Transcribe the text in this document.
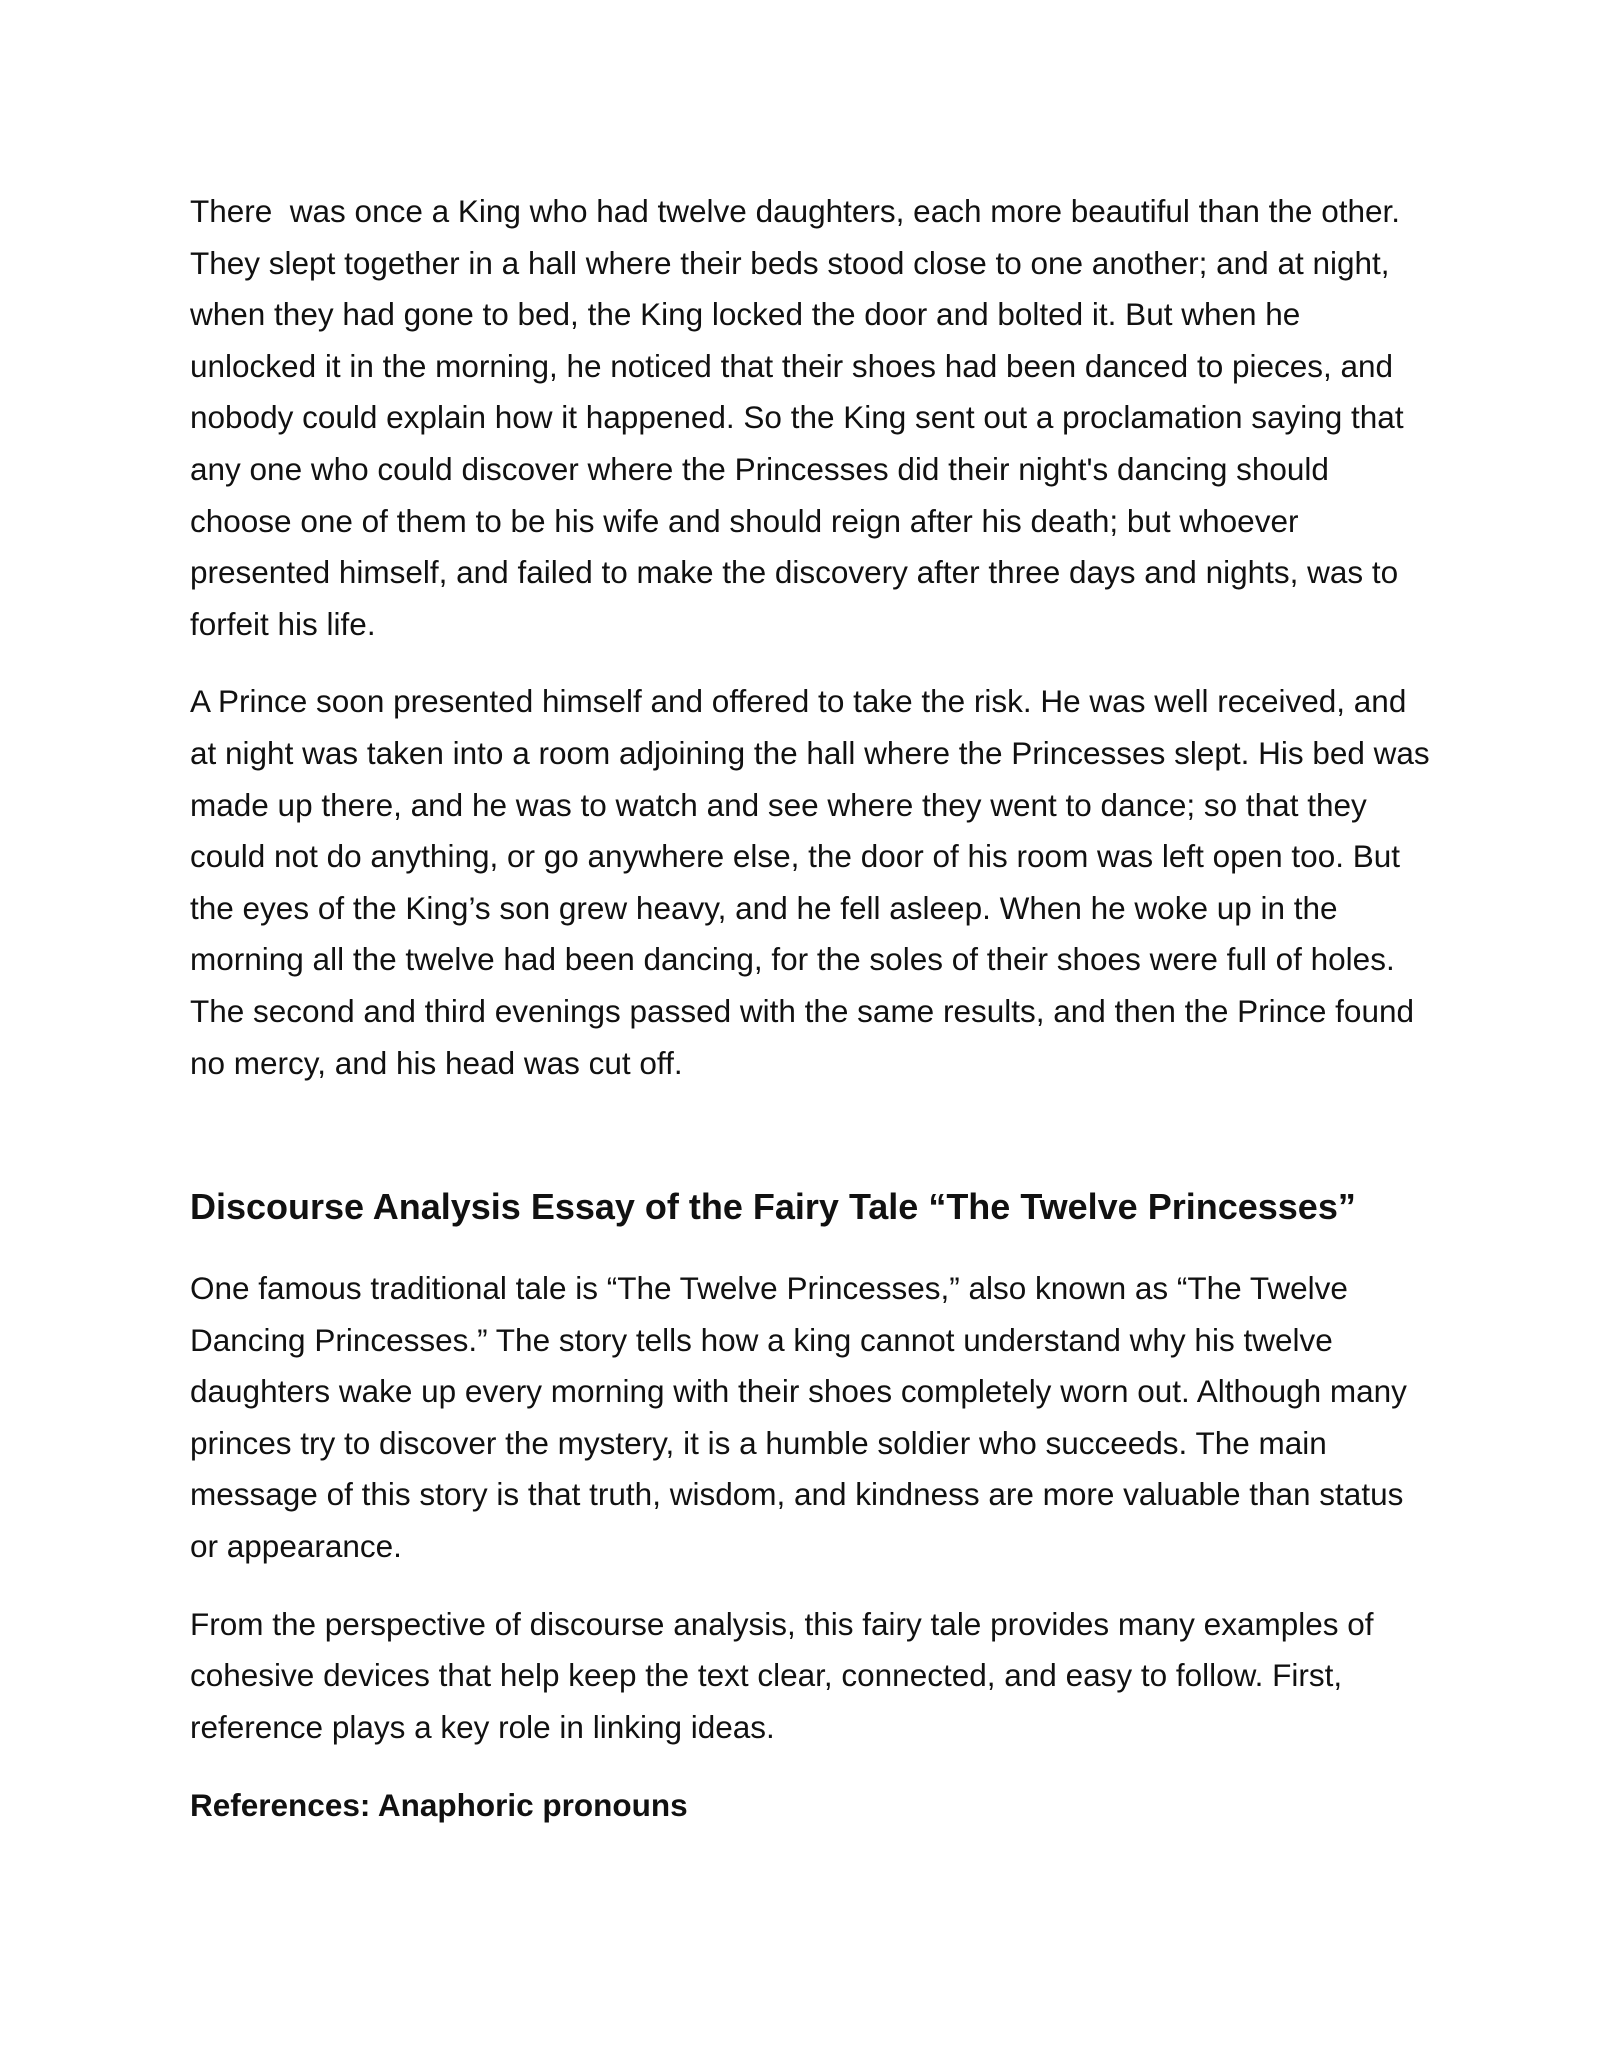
There  was once a King who had twelve daughters, each more beautiful than the other. They slept together in a hall where their beds stood close to one another; and at night, when they had gone to bed, the King locked the door and bolted it. But when he unlocked it in the morning, he noticed that their shoes had been danced to pieces, and nobody could explain how it happened. So the King sent out a proclamation saying that any one who could discover where the Princesses did their night's dancing should choose one of them to be his wife and should reign after his death; but whoever presented himself, and failed to make the discovery after three days and nights, was to forfeit his life.

A Prince soon presented himself and offered to take the risk. He was well received, and at night was taken into a room adjoining the hall where the Princesses slept. His bed was made up there, and he was to watch and see where they went to dance; so that they could not do anything, or go anywhere else, the door of his room was left open too. But the eyes of the King’s son grew heavy, and he fell asleep. When he woke up in the morning all the twelve had been dancing, for the soles of their shoes were full of holes. The second and third evenings passed with the same results, and then the Prince found no mercy, and his head was cut off.

Discourse Analysis Essay of the Fairy Tale “The Twelve Princesses”

One famous traditional tale is “The Twelve Princesses,” also known as “The Twelve Dancing Princesses.” The story tells how a king cannot understand why his twelve daughters wake up every morning with their shoes completely worn out. Although many princes try to discover the mystery, it is a humble soldier who succeeds. The main message of this story is that truth, wisdom, and kindness are more valuable than status or appearance.

From the perspective of discourse analysis, this fairy tale provides many examples of cohesive devices that help keep the text clear, connected, and easy to follow. First, reference plays a key role in linking ideas.

References: Anaphoric pronouns
